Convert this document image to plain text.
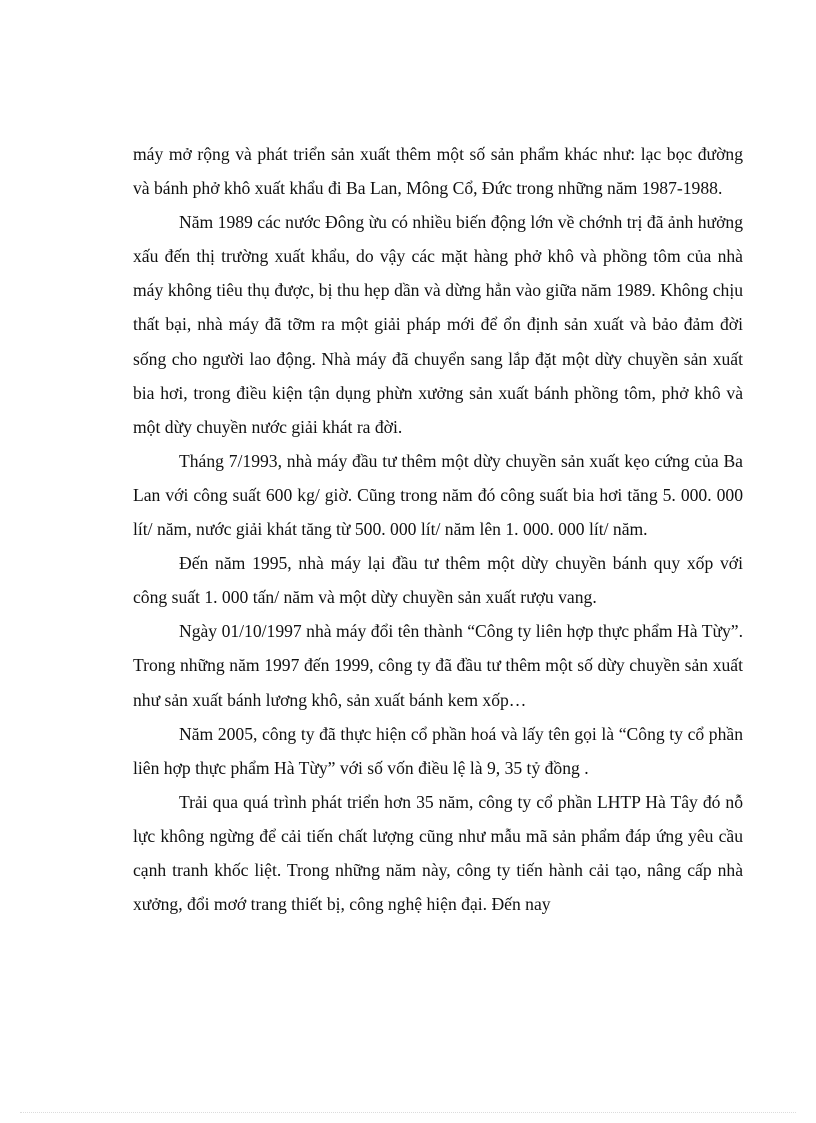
máy mở rộng và phát triển sản xuất thêm một số sản phẩm khác như: lạc bọc đường và bánh phở khô xuất khẩu đi Ba Lan, Mông Cổ, Đức trong những năm 1987-1988.

Năm 1989 các nước Đông ừu có nhiều biến động lớn về chớnh trị đã ảnh hưởng xấu đến thị trường xuất khẩu, do vậy các mặt hàng phở khô và phồng tôm của nhà máy không tiêu thụ được, bị thu hẹp dần và dừng hẳn vào giữa năm 1989. Không chịu thất bại, nhà máy đã tỡm ra một giải pháp mới để ổn định sản xuất và bảo đảm đời sống cho người lao động. Nhà máy đã chuyển sang lắp đặt một dừy chuyền sản xuất bia hơi, trong điều kiện tận dụng phừn xưởng sản xuất bánh phồng tôm, phở khô và một dừy chuyền nước giải khát ra đời.

Tháng 7/1993, nhà máy đầu tư thêm một dừy chuyền sản xuất kẹo cứng của Ba Lan với công suất 600 kg/ giờ. Cũng trong năm đó công suất bia hơi tăng 5. 000. 000 lít/ năm, nước giải khát tăng từ 500. 000 lít/ năm lên 1. 000. 000 lít/ năm.

Đến năm 1995, nhà máy lại đầu tư thêm một dừy chuyền bánh quy xốp với công suất 1. 000 tấn/ năm và một dừy chuyền sản xuất rượu vang.

Ngày 01/10/1997 nhà máy đổi tên thành “Công ty liên hợp thực phẩm Hà Từy”. Trong những năm 1997 đến 1999, công ty đã đầu tư thêm một số dừy chuyền sản xuất như sản xuất bánh lương khô, sản xuất bánh kem xốp…

Năm 2005, công ty đã thực hiện cổ phần hoá và lấy tên gọi là “Công ty cổ phần liên hợp thực phẩm Hà Từy” với số vốn điều lệ là 9, 35 tỷ đồng .

Trải qua quá trình phát triển hơn 35 năm, công ty cổ phần LHTP Hà Tây đó nỗ lực không ngừng để cải tiến chất lượng cũng như mẫu mã sản phẩm đáp ứng yêu cầu cạnh tranh khốc liệt. Trong những năm này, công ty tiến hành cải tạo, nâng cấp nhà xưởng, đổi mơớ trang thiết bị, công nghệ hiện đại. Đến nay
